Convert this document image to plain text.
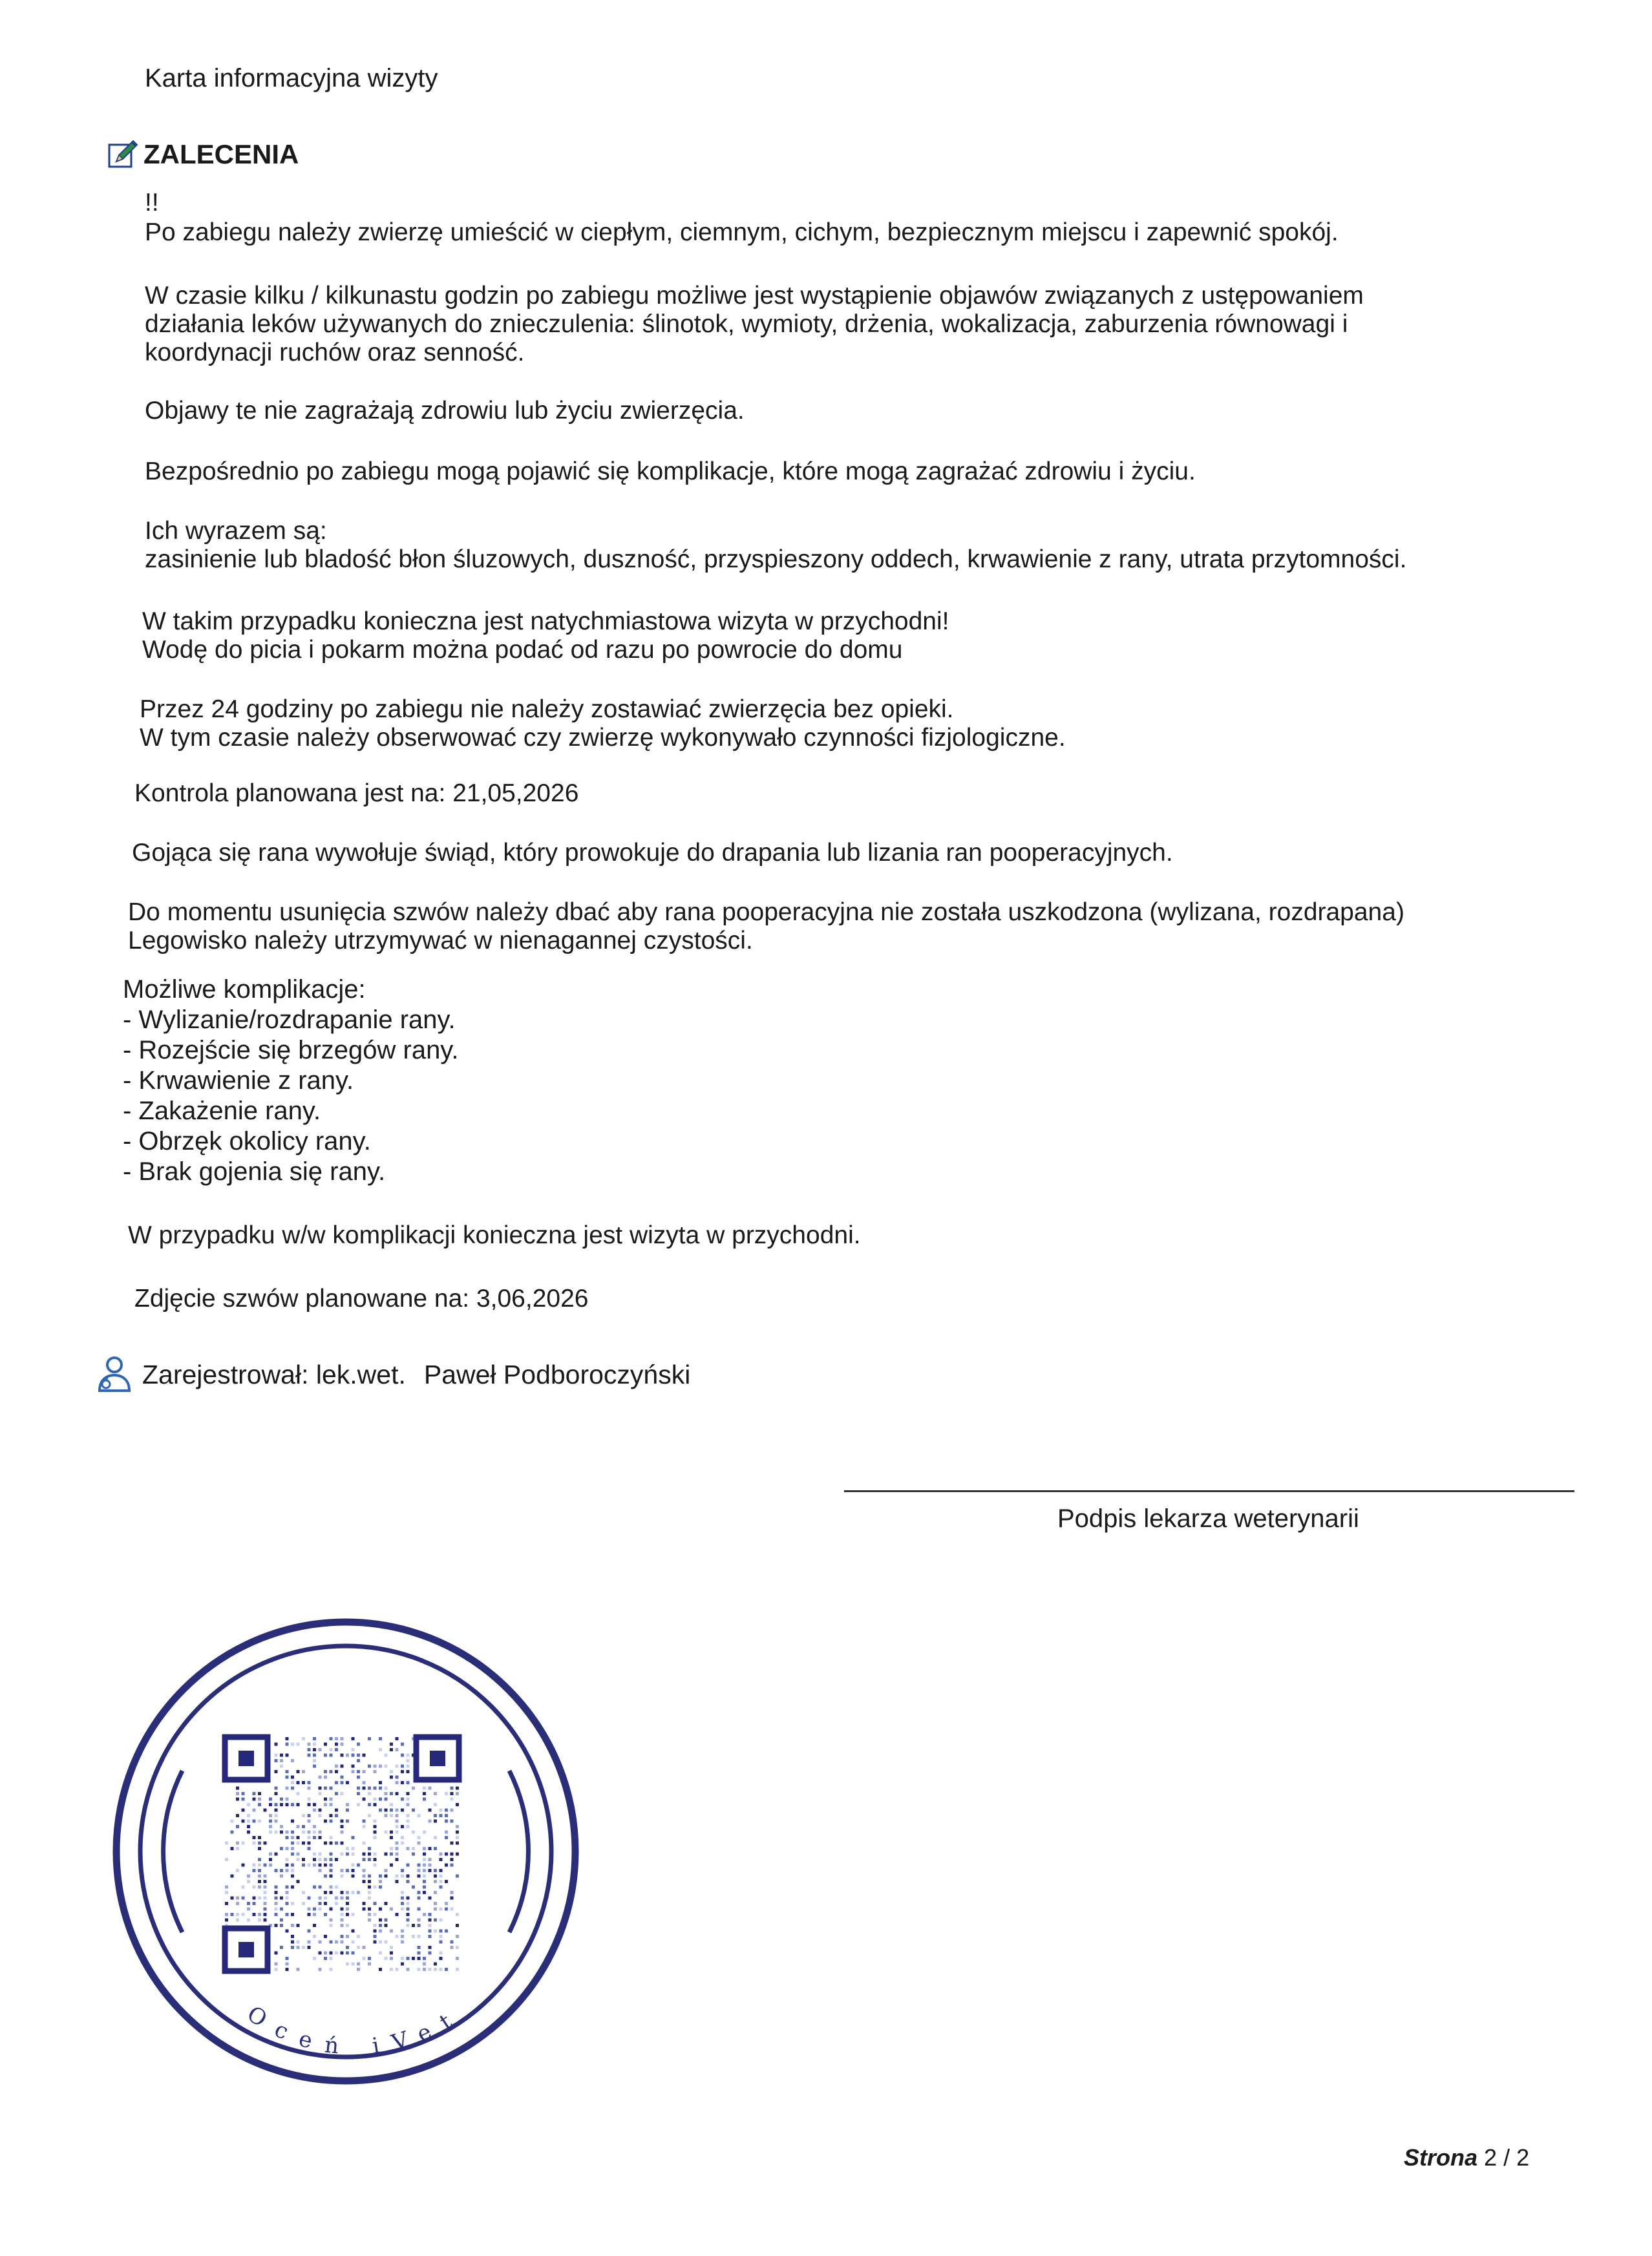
Karta informacyjna wizyty
ZALECENIA
!!
Po zabiegu należy zwierzę umieścić w ciepłym, ciemnym, cichym, bezpiecznym miejscu i zapewnić spokój.
W czasie kilku / kilkunastu godzin po zabiegu możliwe jest wystąpienie objawów związanych z ustępowaniem
działania leków używanych do znieczulenia: ślinotok, wymioty, drżenia, wokalizacja, zaburzenia równowagi i
koordynacji ruchów oraz senność.
Objawy te nie zagrażają zdrowiu lub życiu zwierzęcia.
Bezpośrednio po zabiegu mogą pojawić się komplikacje, które mogą zagrażać zdrowiu i życiu.
Ich wyrazem są:
zasinienie lub bladość błon śluzowych, duszność, przyspieszony oddech, krwawienie z rany, utrata przytomności.
W takim przypadku konieczna jest natychmiastowa wizyta w przychodni!
Wodę do picia i pokarm można podać od razu po powrocie do domu
Przez 24 godziny po zabiegu nie należy zostawiać zwierzęcia bez opieki.
W tym czasie należy obserwować czy zwierzę wykonywało czynności fizjologiczne.
Kontrola planowana jest na: 21,05,2026
Gojąca się rana wywołuje świąd, który prowokuje do drapania lub lizania ran pooperacyjnych.
Do momentu usunięcia szwów należy dbać aby rana pooperacyjna nie została uszkodzona (wylizana, rozdrapana)
Legowisko należy utrzymywać w nienagannej czystości.
Możliwe komplikacje:
- Wylizanie/rozdrapanie rany.
- Rozejście się brzegów rany.
- Krwawienie z rany.
- Zakażenie rany.
- Obrzęk okolicy rany.
- Brak gojenia się rany.
W przypadku w/w komplikacji konieczna jest wizyta w przychodni.
Zdjęcie szwów planowane na: 3,06,2026
Zarejestrował: lek.wet. Paweł Podboroczyński
Podpis lekarza weterynarii
Oceń iVet
Strona 2 / 2
